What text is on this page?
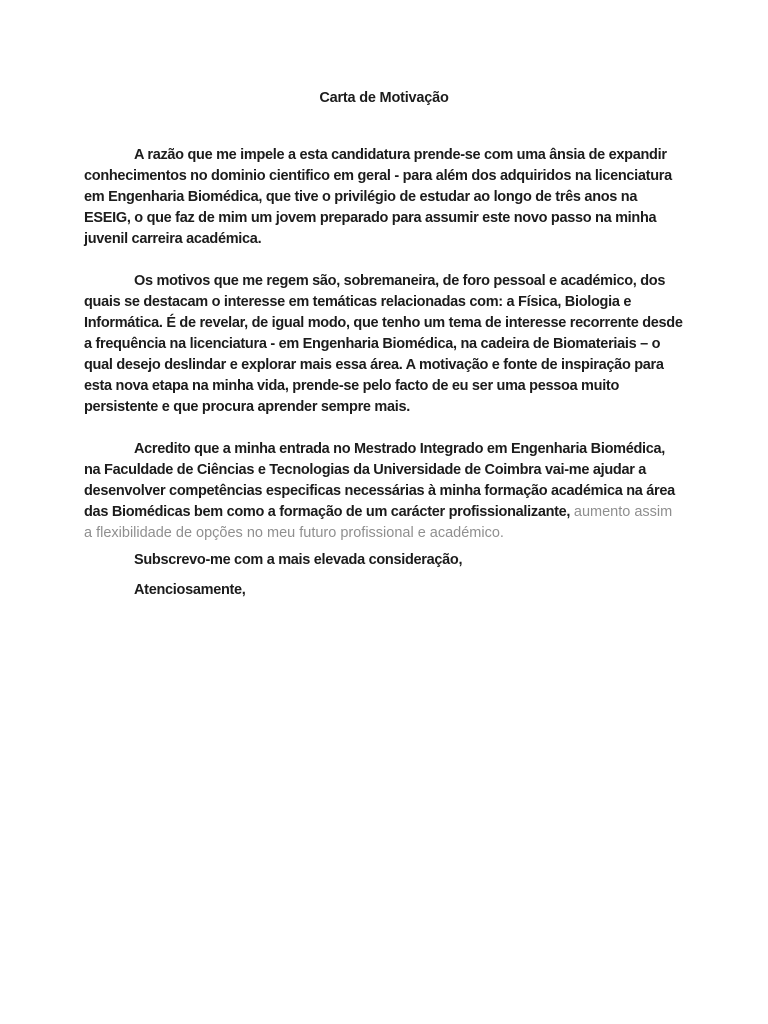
Carta de Motivação

A razão que me impele a esta candidatura prende-se com uma ânsia de expandir conhecimentos no dominio cientifico em geral - para além dos adquiridos na licenciatura em Engenharia Biomédica, que tive o privilégio de estudar ao longo de três anos na ESEIG, o que faz de mim um jovem preparado para assumir este novo passo na minha juvenil carreira académica.

Os motivos que me regem são, sobremaneira, de foro pessoal e académico, dos quais se destacam o interesse em temáticas relacionadas com: a Física, Biologia e Informática. É de revelar, de igual modo, que tenho um tema de interesse recorrente desde a frequência na licenciatura - em Engenharia Biomédica, na cadeira de Biomateriais – o qual desejo deslindar e explorar mais essa área. A motivação e fonte de inspiração para esta nova etapa na minha vida, prende-se pelo facto de eu ser uma pessoa muito persistente e que procura aprender sempre mais.

Acredito que a minha entrada no Mestrado Integrado em Engenharia Biomédica, na Faculdade de Ciências e Tecnologias da Universidade de Coimbra vai-me ajudar a desenvolver competências especificas necessárias à minha formação académica na área das Biomédicas bem como a formação de um carácter profissionalizante, aumento assim a flexibilidade de opções no meu futuro profissional e académico.

Subscrevo-me com a mais elevada consideração,

Atenciosamente,
